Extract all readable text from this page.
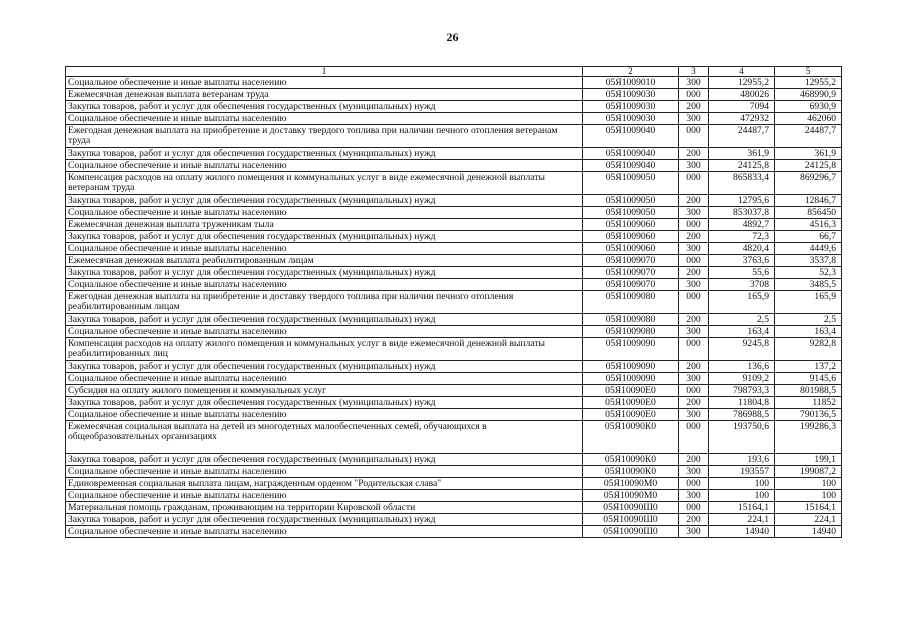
26
1	2	3	4	5
Социальное обеспечение и иные выплаты населению	05Я1009010	300	12955,2	12955,2
Ежемесячная денежная выплата ветеранам труда	05Я1009030	000	480026	468990,9
Закупка товаров, работ и услуг для обеспечения государственных (муниципальных) нужд	05Я1009030	200	7094	6930,9
Социальное обеспечение и иные выплаты населению	05Я1009030	300	472932	462060
Ежегодная денежная выплата на приобретение и доставку твердого топлива при наличии печного отопления ветеранам труда	05Я1009040	000	24487,7	24487,7
Закупка товаров, работ и услуг для обеспечения государственных (муниципальных) нужд	05Я1009040	200	361,9	361,9
Социальное обеспечение и иные выплаты населению	05Я1009040	300	24125,8	24125,8
Компенсация расходов на оплату жилого помещения и коммунальных услуг в виде ежемесячной денежной выплаты ветеранам труда	05Я1009050	000	865833,4	869296,7
Закупка товаров, работ и услуг для обеспечения государственных (муниципальных) нужд	05Я1009050	200	12795,6	12846,7
Социальное обеспечение и иные выплаты населению	05Я1009050	300	853037,8	856450
Ежемесячная денежная выплата труженикам тыла	05Я1009060	000	4892,7	4516,3
Закупка товаров, работ и услуг для обеспечения государственных (муниципальных) нужд	05Я1009060	200	72,3	66,7
Социальное обеспечение и иные выплаты населению	05Я1009060	300	4820,4	4449,6
Ежемесячная денежная выплата реабилитированным лицам	05Я1009070	000	3763,6	3537,8
Закупка товаров, работ и услуг для обеспечения государственных (муниципальных) нужд	05Я1009070	200	55,6	52,3
Социальное обеспечение и иные выплаты населению	05Я1009070	300	3708	3485,5
Ежегодная денежная выплата на приобретение и доставку твердого топлива при наличии печного отопления реабилитированным лицам	05Я1009080	000	165,9	165,9
Закупка товаров, работ и услуг для обеспечения государственных (муниципальных) нужд	05Я1009080	200	2,5	2,5
Социальное обеспечение и иные выплаты населению	05Я1009080	300	163,4	163,4
Компенсация расходов на оплату жилого помещения и коммунальных услуг в виде ежемесячной денежной выплаты реабилитированных лиц	05Я1009090	000	9245,8	9282,8
Закупка товаров, работ и услуг для обеспечения государственных (муниципальных) нужд	05Я1009090	200	136,6	137,2
Социальное обеспечение и иные выплаты населению	05Я1009090	300	9109,2	9145,6
Субсидия на оплату жилого помещения и коммунальных услуг	05Я10090Е0	000	798793,3	801988,5
Закупка товаров, работ и услуг для обеспечения государственных (муниципальных) нужд	05Я10090Е0	200	11804,8	11852
Социальное обеспечение и иные выплаты населению	05Я10090Е0	300	786988,5	790136,5
Ежемесячная социальная выплата на детей из многодетных малообеспеченных семей, обучающихся в общеобразовательных организациях	05Я10090К0	000	193750,6	199286,3
Закупка товаров, работ и услуг для обеспечения государственных (муниципальных) нужд	05Я10090К0	200	193,6	199,1
Социальное обеспечение и иные выплаты населению	05Я10090К0	300	193557	199087,2
Единовременная социальная выплата лицам, награжденным орденом "Родительская слава"	05Я10090М0	000	100	100
Социальное обеспечение и иные выплаты населению	05Я10090М0	300	100	100
Материальная помощь гражданам, проживающим на территории Кировской области	05Я10090Ш0	000	15164,1	15164,1
Закупка товаров, работ и услуг для обеспечения государственных (муниципальных) нужд	05Я10090Ш0	200	224,1	224,1
Социальное обеспечение и иные выплаты населению	05Я10090Ш0	300	14940	14940
